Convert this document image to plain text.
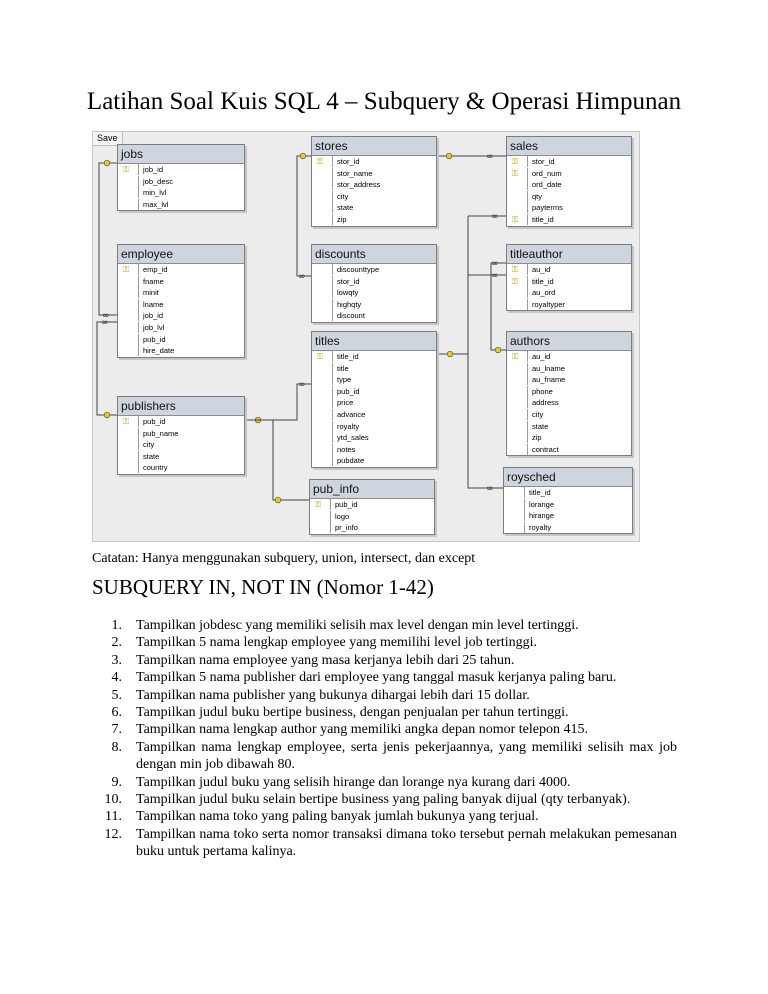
Latihan Soal Kuis SQL 4 – Subquery & Operasi Himpunan
∞
∞
∞
∞
∞
∞
∞
∞
∞
Save
jobs
⚿ job_id
job_desc
min_lvl
max_lvl
employee
⚿ emp_id
fname
minit
lname
job_id
job_lvl
pub_id
hire_date
publishers
⚿ pub_id
pub_name
city
state
country
stores
⚿ stor_id
stor_name
stor_address
city
state
zip
discounts
discounttype
stor_id
lowqty
highqty
discount
titles
⚿ title_id
title
type
pub_id
price
advance
royalty
ytd_sales
notes
pubdate
pub_info
⚿ pub_id
logo
pr_info
sales
⚿ stor_id
⚿ ord_num
ord_date
qty
payterms
⚿ title_id
titleauthor
⚿ au_id
⚿ title_id
au_ord
royaltyper
authors
⚿ au_id
au_lname
au_fname
phone
address
city
state
zip
contract
roysched
title_id
lorange
hirange
royalty
Catatan: Hanya menggunakan subquery, union, intersect, dan except
SUBQUERY IN, NOT IN (Nomor 1-42)
1. Tampilkan jobdesc yang memiliki selisih max level dengan min level tertinggi.
2. Tampilkan 5 nama lengkap employee yang memilihi level job tertinggi.
3. Tampilkan nama employee yang masa kerjanya lebih dari 25 tahun.
4. Tampilkan 5 nama publisher dari employee yang tanggal masuk kerjanya paling baru.
5. Tampilkan nama publisher yang bukunya dihargai lebih dari 15 dollar.
6. Tampilkan judul buku bertipe business, dengan penjualan per tahun tertinggi.
7. Tampilkan nama lengkap author yang memiliki angka depan nomor telepon 415.
8. Tampilkan nama lengkap employee, serta jenis pekerjaannya, yang memiliki selisih max job dengan min job dibawah 80.
9. Tampilkan judul buku yang selisih hirange dan lorange nya kurang dari 4000.
10. Tampilkan judul buku selain bertipe business yang paling banyak dijual (qty terbanyak).
11. Tampilkan nama toko yang paling banyak jumlah bukunya yang terjual.
12. Tampilkan nama toko serta nomor transaksi dimana toko tersebut pernah melakukan pemesanan buku untuk pertama kalinya.
